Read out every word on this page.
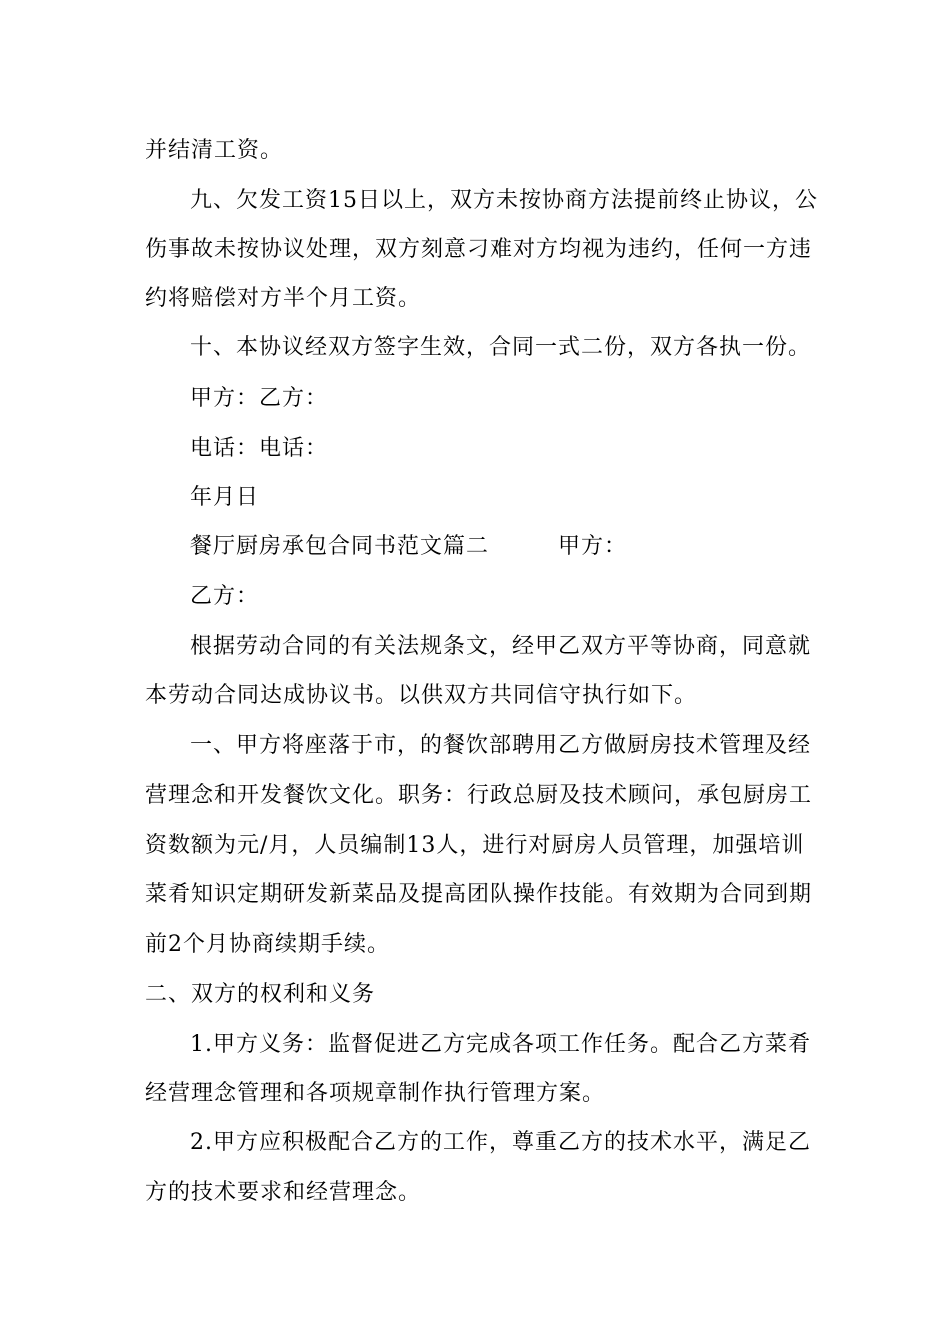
并结清工资。
九、欠发工资15日以上，双方未按协商方法提前终止协议，公
伤事故未按协议处理，双方刻意刁难对方均视为违约，任何一方违
约将赔偿对方半个月工资。
十、本协议经双方签字生效，合同一式二份，双方各执一份。
甲方：乙方：
电话：电话：
年月日
餐厅厨房承包合同书范文篇二　　　甲方：
乙方：
根据劳动合同的有关法规条文，经甲乙双方平等协商，同意就
本劳动合同达成协议书。以供双方共同信守执行如下。
一、甲方将座落于市，的餐饮部聘用乙方做厨房技术管理及经
营理念和开发餐饮文化。职务：行政总厨及技术顾问，承包厨房工
资数额为元/月，人员编制13人，进行对厨房人员管理，加强培训
菜肴知识定期研发新菜品及提高团队操作技能。有效期为合同到期
前2个月协商续期手续。
二、双方的权利和义务
1.甲方义务：监督促进乙方完成各项工作任务。配合乙方菜肴
经营理念管理和各项规章制作执行管理方案。
2.甲方应积极配合乙方的工作，尊重乙方的技术水平，满足乙
方的技术要求和经营理念。
